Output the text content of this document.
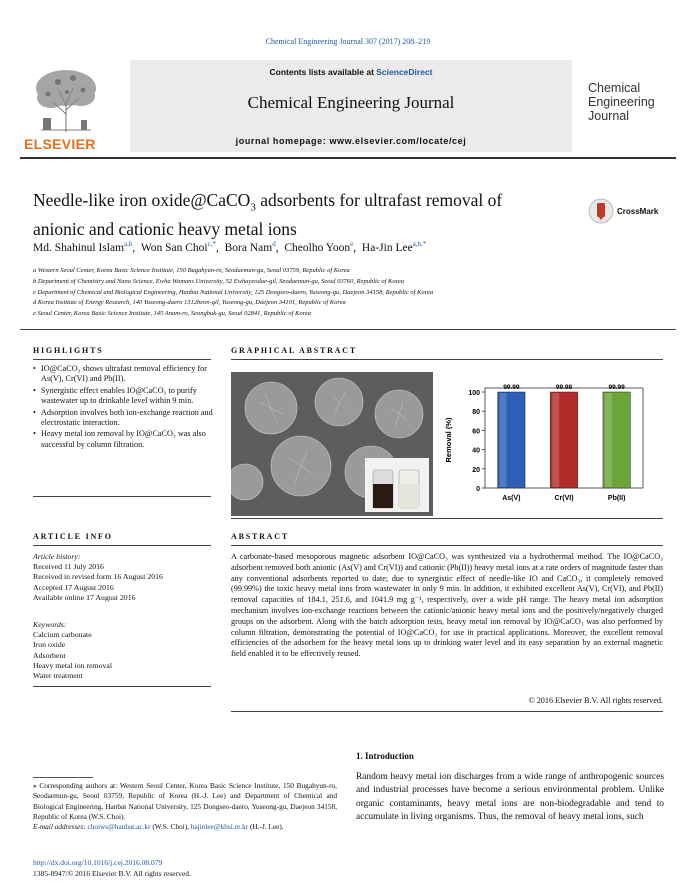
Chemical Engineering Journal 307 (2017) 208–219
ELSEVIER
Contents lists available at ScienceDirect
Chemical Engineering Journal
journal homepage: www.elsevier.com/locate/cej
Chemical
Engineering
Journal
Needle-like iron oxide@CaCO$_3$ adsorbents for ultrafast removal of
anionic and cationic heavy metal ions
CrossMark
Md. Shahinul Islam$^{a,b}$,  Won San Choi$^{c,*}$,  Bora Nam$^d$,  Cheolho Yoon$^e$,  Ha-Jin Lee$^{a,b,*}$
a Western Seoul Center, Korea Basic Science Institute, 150 Bugahyun-ro, Seodaemun-gu, Seoul 03759, Republic of Korea
b Department of Chemistry and Nano Science, Ewha Womans University, 52 Ewhayeodae-gil, Seodaemun-gu, Seoul 03760, Republic of Korea
c Department of Chemical and Biological Engineering, Hanbat National University, 125 Dongseo-daero, Yuseong-gu, Daejeon 34158, Republic of Korea
d Korea Institute of Energy Research, 140 Yuseong-daero 1312beon-gil, Yuseong-gu, Daejeon 34101, Republic of Korea
e Seoul Center, Korea Basic Science Institute, 145 Anam-ro, Seongbuk-gu, Seoul 02841, Republic of Korea
HIGHLIGHTS
• IO@CaCO₃ shows ultrafast removal efficiency for As(V), Cr(VI) and Pb(II).
• Synergistic effect enables IO@CaCO₃ to purify wastewater up to drinkable level within 9 min.
• Adsorption involves both ion-exchange reaction and electrostatic interaction.
• Heavy metal ion removal by IO@CaCO₃ was also successful by column filtration.
GRAPHICAL ABSTRACT
0
20
40
60
80
100
Removal (%)
99.99
As(V)
99.98
Cr(VI)
99.99
Pb(II)
ARTICLE INFO
Article history:
Received 11 July 2016
Received in revised form 16 August 2016
Accepted 17 August 2016
Available online 17 August 2016
Keywords:
Calcium carbonate
Iron oxide
Adsorbent
Heavy metal ion removal
Water treatment
ABSTRACT
A carbonate-based mesoporous magnetic adsorbent IO@CaCO₃ was synthesized via a hydrothermal method. The IO@CaCO₃ adsorbent removed both anionic (As(V) and Cr(VI)) and cationic (Pb(II)) heavy metal ions at a rate orders of magnitude faster than any conventional adsorbents reported to date; due to synergistic effect of needle-like IO and CaCO₃, it completely removed (99.99%) the toxic heavy metal ions from wastewater in only 9 min. In addition, it exhibited excellent As(V), Cr(VI), and Pb(II) removal capacities of 184.1, 251.6, and 1041.9 mg g⁻¹, respectively, over a wide pH range. The heavy metal ion adsorption mechanism involves ion-exchange reactions between the cationic/anionic heavy metal ions and the positively/negatively charged groups on the adsorbent. Along with the batch adsorption tests, heavy metal ion removal by IO@CaCO₃ was also performed by column filtration, demonstrating the potential of IO@CaCO₃ for use in practical applications. Moreover, the excellent removal efficiencies of the adsorbent for the heavy metal ions up to drinking water level and its easy separation by an external magnetic field enabled it to be effectively reused.
© 2016 Elsevier B.V. All rights reserved.
1. Introduction
Random heavy metal ion discharges from a wide range of anthropogenic sources and industrial processes have become a serious environmental problem. Unlike organic contaminants, heavy metal ions are non-biodegradable and tend to accumulate in living organisms. Thus, the removal of heavy metal ions, such
⁎ Corresponding authors at: Western Seoul Center, Korea Basic Science Institute, 150 Bugahyun-ro, Seodaemun-gu, Seoul 03759, Republic of Korea (H.-J. Lee) and Department of Chemical and Biological Engineering, Hanbat National University, 125 Dongseo-daero, Yuseong-gu, Daejeon 34158, Republic of Korea (W.S. Choi).
E-mail addresses: choiws@hanbat.ac.kr (W.S. Choi), hajinlee@kbsi.re.kr (H.-J. Lee).
http://dx.doi.org/10.1016/j.cej.2016.08.079
1385-8947/© 2016 Elsevier B.V. All rights reserved.
